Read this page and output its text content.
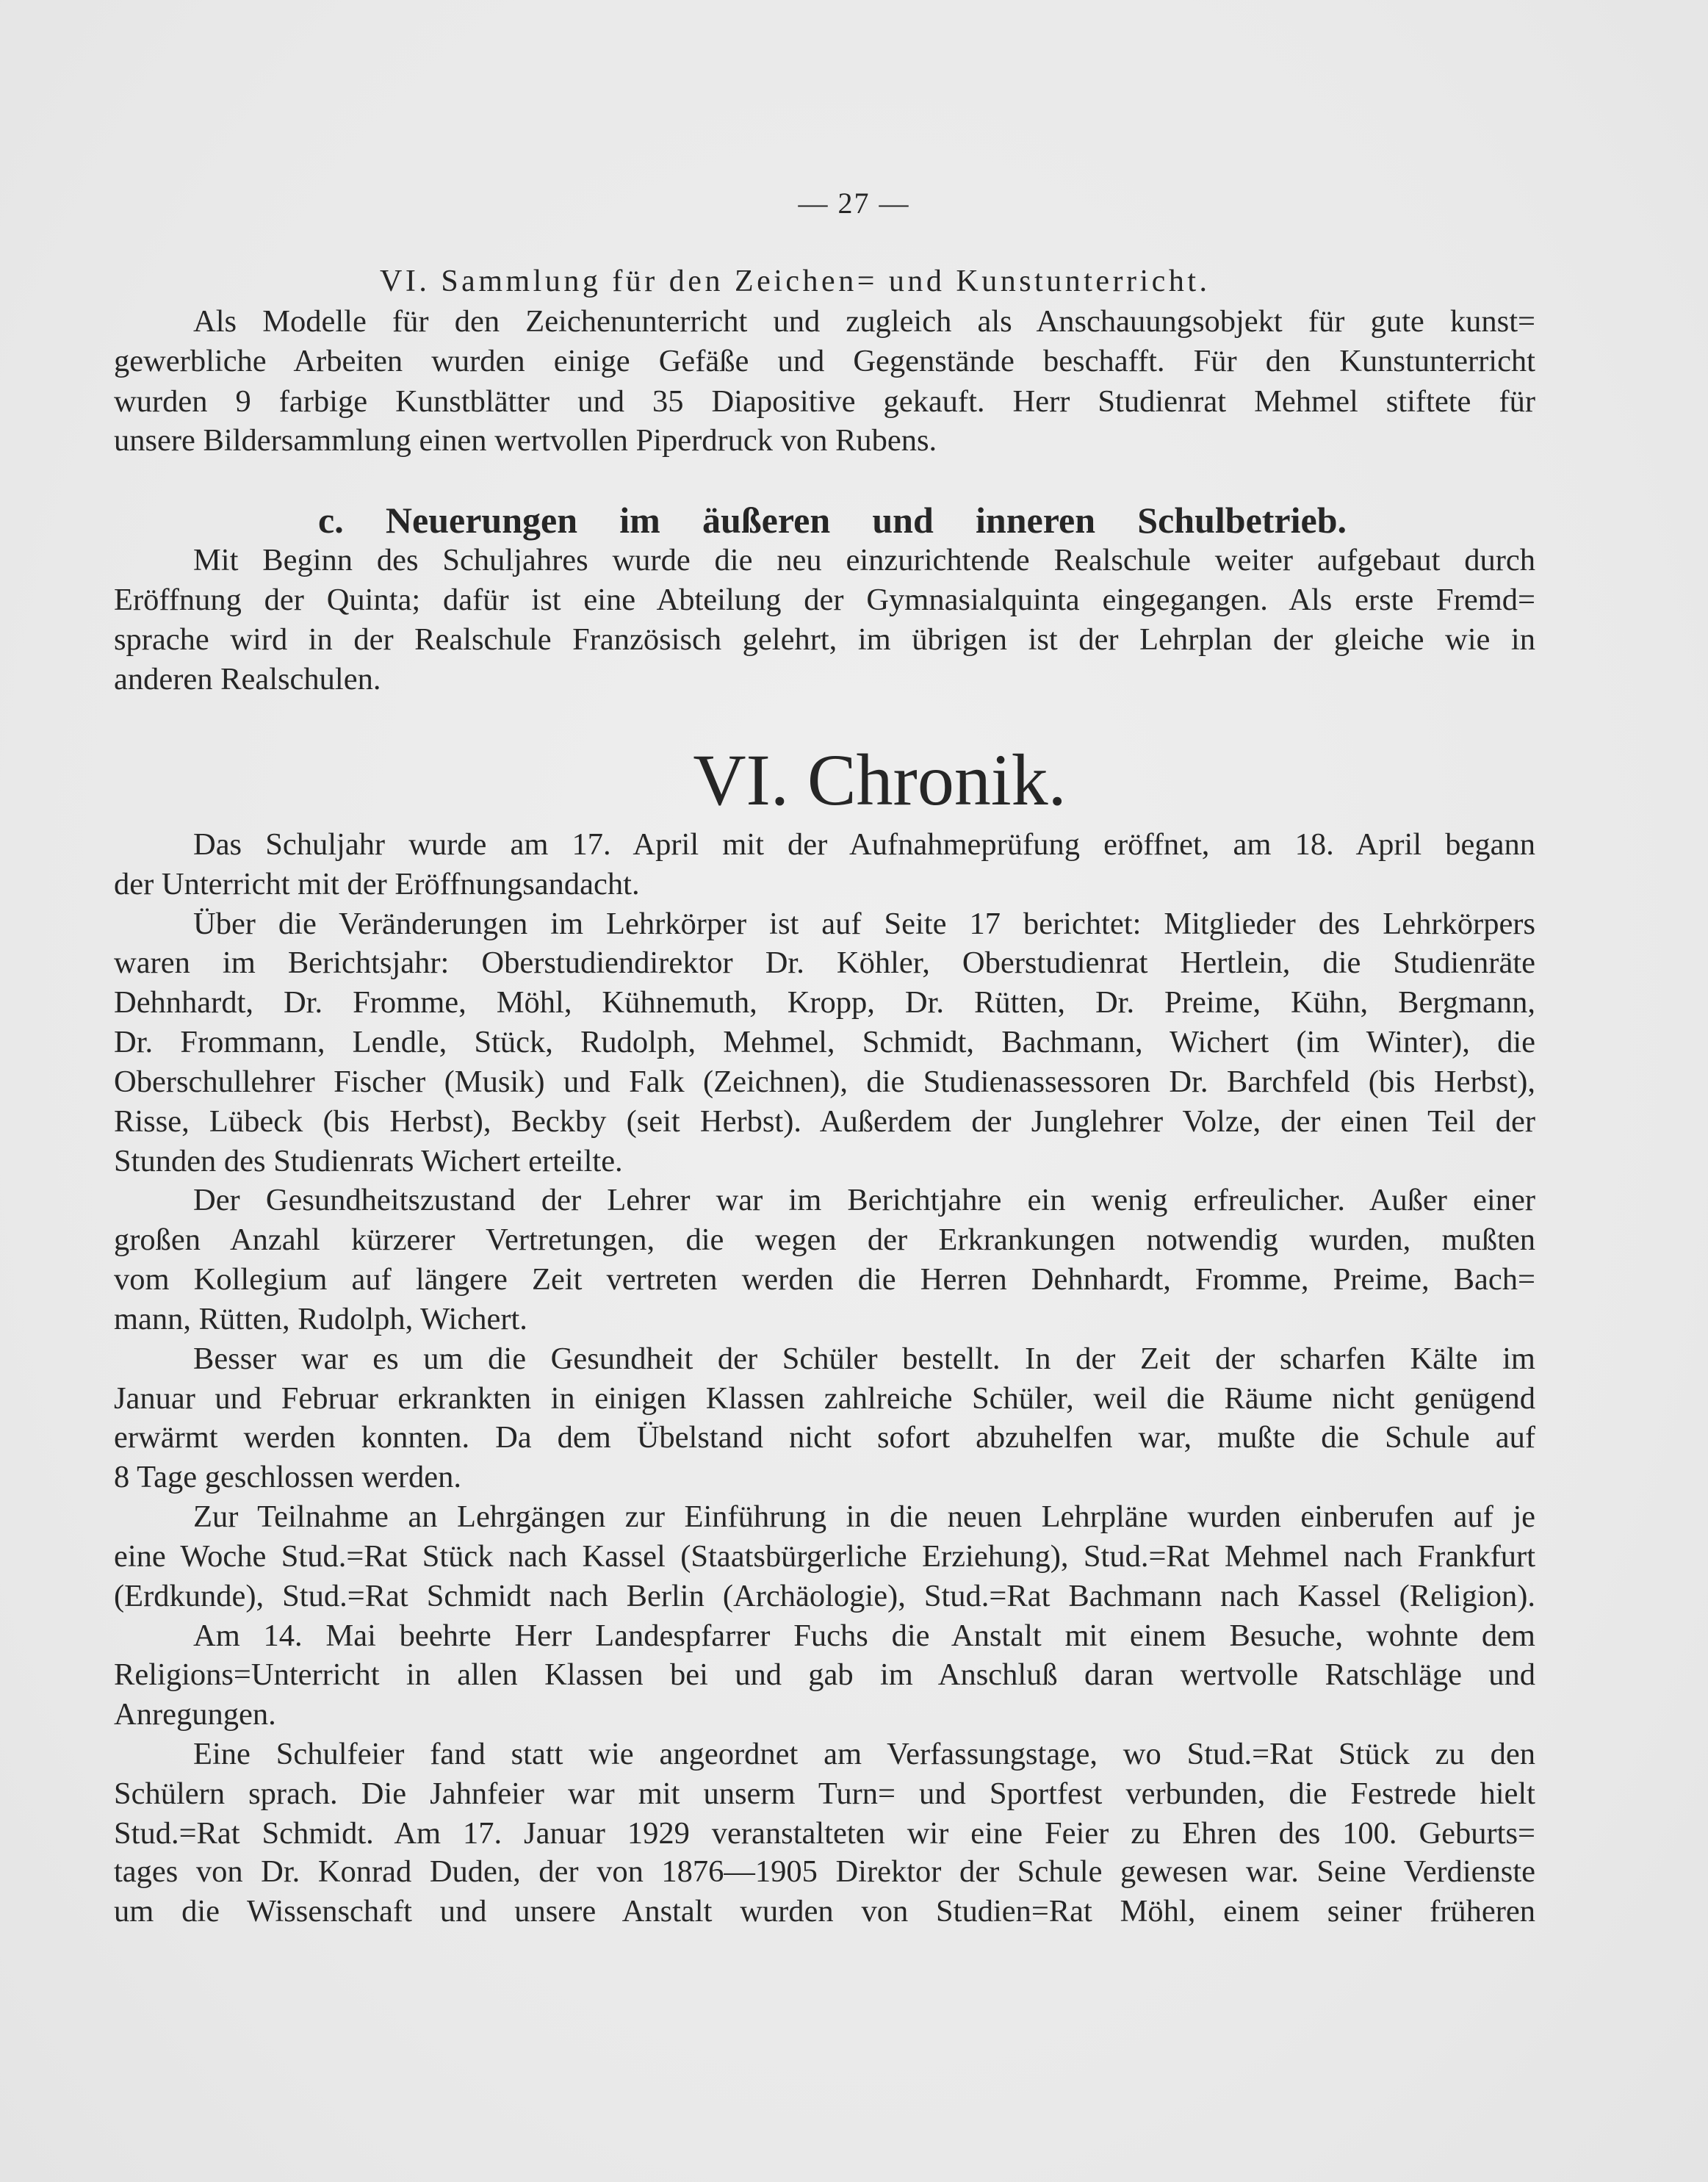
— 27 —
VI. Sammlung für den Zeichen= und Kunstunterricht.
Als Modelle für den Zeichenunterricht und zugleich als Anschauungsobjekt für gute kunst=
gewerbliche Arbeiten wurden einige Gefäße und Gegenstände beschafft. Für den Kunstunterricht
wurden 9 farbige Kunstblätter und 35 Diapositive gekauft. Herr Studienrat Mehmel stiftete für
unsere Bildersammlung einen wertvollen Piperdruck von Rubens.
c. Neuerungen im äußeren und inneren Schulbetrieb.
Mit Beginn des Schuljahres wurde die neu einzurichtende Realschule weiter aufgebaut durch
Eröffnung der Quinta; dafür ist eine Abteilung der Gymnasialquinta eingegangen. Als erste Fremd=
sprache wird in der Realschule Französisch gelehrt, im übrigen ist der Lehrplan der gleiche wie in
anderen Realschulen.
VI. Chronik.
Das Schuljahr wurde am 17. April mit der Aufnahmeprüfung eröffnet, am 18. April begann
der Unterricht mit der Eröffnungsandacht.
Über die Veränderungen im Lehrkörper ist auf Seite 17 berichtet: Mitglieder des Lehrkörpers
waren im Berichtsjahr: Oberstudiendirektor Dr. Köhler, Oberstudienrat Hertlein, die Studienräte
Dehnhardt, Dr. Fromme, Möhl, Kühnemuth, Kropp, Dr. Rütten, Dr. Preime, Kühn, Bergmann,
Dr. Frommann, Lendle, Stück, Rudolph, Mehmel, Schmidt, Bachmann, Wichert (im Winter), die
Oberschullehrer Fischer (Musik) und Falk (Zeichnen), die Studienassessoren Dr. Barchfeld (bis Herbst),
Risse, Lübeck (bis Herbst), Beckby (seit Herbst). Außerdem der Junglehrer Volze, der einen Teil der
Stunden des Studienrats Wichert erteilte.
Der Gesundheitszustand der Lehrer war im Berichtjahre ein wenig erfreulicher. Außer einer
großen Anzahl kürzerer Vertretungen, die wegen der Erkrankungen notwendig wurden, mußten
vom Kollegium auf längere Zeit vertreten werden die Herren Dehnhardt, Fromme, Preime, Bach=
mann, Rütten, Rudolph, Wichert.
Besser war es um die Gesundheit der Schüler bestellt. In der Zeit der scharfen Kälte im
Januar und Februar erkrankten in einigen Klassen zahlreiche Schüler, weil die Räume nicht genügend
erwärmt werden konnten. Da dem Übelstand nicht sofort abzuhelfen war, mußte die Schule auf
8 Tage geschlossen werden.
Zur Teilnahme an Lehrgängen zur Einführung in die neuen Lehrpläne wurden einberufen auf je
eine Woche Stud.=Rat Stück nach Kassel (Staatsbürgerliche Erziehung), Stud.=Rat Mehmel nach Frankfurt
(Erdkunde), Stud.=Rat Schmidt nach Berlin (Archäologie), Stud.=Rat Bachmann nach Kassel (Religion).
Am 14. Mai beehrte Herr Landespfarrer Fuchs die Anstalt mit einem Besuche, wohnte dem
Religions=Unterricht in allen Klassen bei und gab im Anschluß daran wertvolle Ratschläge und
Anregungen.
Eine Schulfeier fand statt wie angeordnet am Verfassungstage, wo Stud.=Rat Stück zu den
Schülern sprach. Die Jahnfeier war mit unserm Turn= und Sportfest verbunden, die Festrede hielt
Stud.=Rat Schmidt. Am 17. Januar 1929 veranstalteten wir eine Feier zu Ehren des 100. Geburts=
tages von Dr. Konrad Duden, der von 1876—1905 Direktor der Schule gewesen war. Seine Verdienste
um die Wissenschaft und unsere Anstalt wurden von Studien=Rat Möhl, einem seiner früheren
